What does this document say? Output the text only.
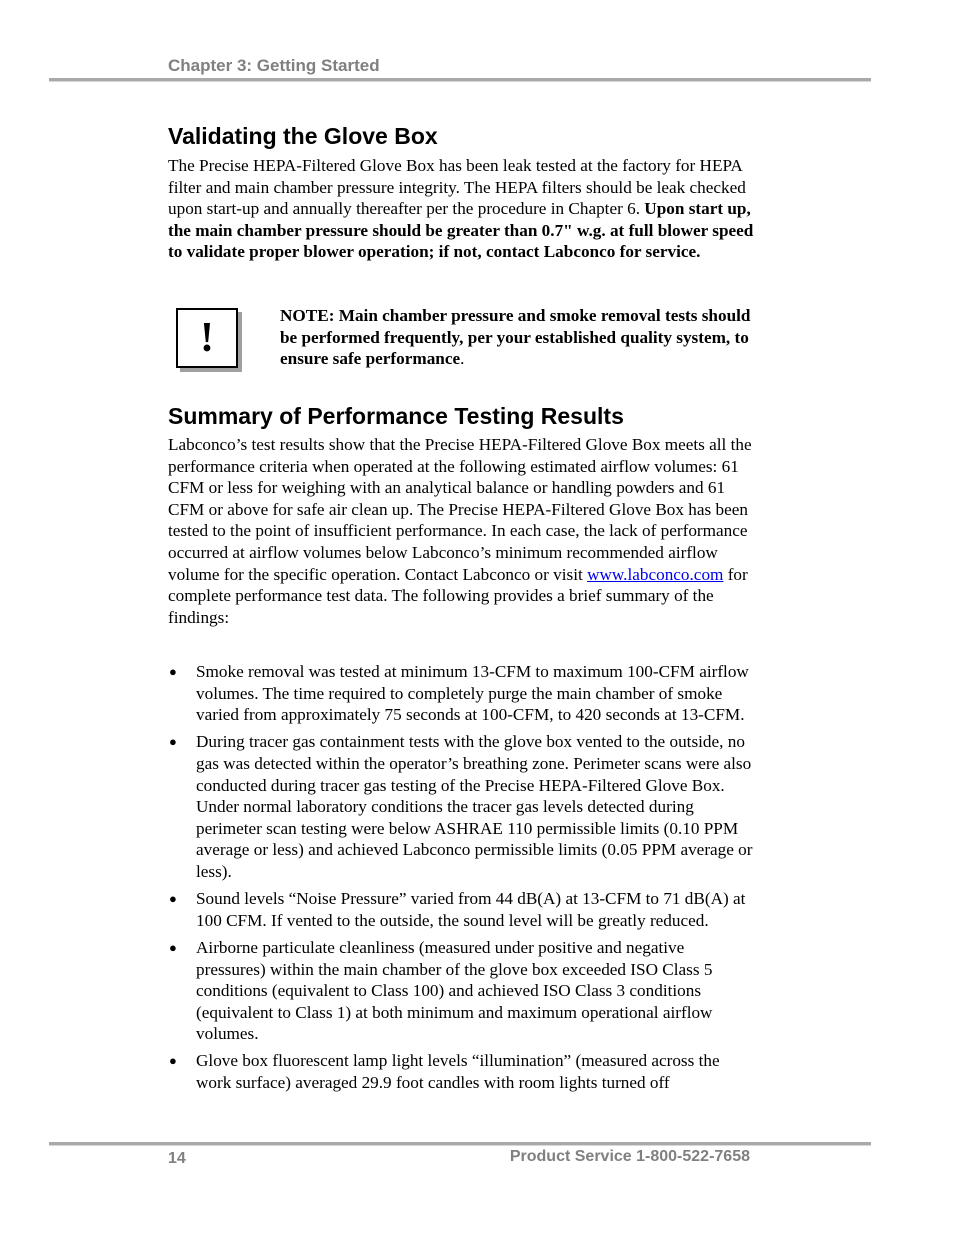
Chapter 3: Getting Started
Validating the Glove Box

The Precise HEPA-Filtered Glove Box has been leak tested at the factory for HEPA filter and main chamber pressure integrity. The HEPA filters should be leak checked upon start-up and annually thereafter per the procedure in Chapter 6. Upon start up, the main chamber pressure should be greater than 0.7" w.g. at full blower speed to validate proper blower operation; if not, contact Labconco for service.

!	NOTE: Main chamber pressure and smoke removal tests should be performed frequently, per your established quality system, to ensure safe performance.

Summary of Performance Testing Results

Labconco’s test results show that the Precise HEPA-Filtered Glove Box meets all the performance criteria when operated at the following estimated airflow volumes: 61 CFM or less for weighing with an analytical balance or handling powders and 61 CFM or above for safe air clean up. The Precise HEPA-Filtered Glove Box has been tested to the point of insufficient performance. In each case, the lack of performance occurred at airflow volumes below Labconco’s minimum recommended airflow volume for the specific operation. Contact Labconco or visit www.labconco.com for complete performance test data. The following provides a brief summary of the findings:

● Smoke removal was tested at minimum 13-CFM to maximum 100-CFM airflow volumes. The time required to completely purge the main chamber of smoke varied from approximately 75 seconds at 100-CFM, to 420 seconds at 13-CFM.
● During tracer gas containment tests with the glove box vented to the outside, no gas was detected within the operator’s breathing zone. Perimeter scans were also conducted during tracer gas testing of the Precise HEPA-Filtered Glove Box. Under normal laboratory conditions the tracer gas levels detected during perimeter scan testing were below ASHRAE 110 permissible limits (0.10 PPM average or less) and achieved Labconco permissible limits (0.05 PPM average or less).
● Sound levels “Noise Pressure” varied from 44 dB(A) at 13-CFM to 71 dB(A) at 100 CFM. If vented to the outside, the sound level will be greatly reduced.
● Airborne particulate cleanliness (measured under positive and negative pressures) within the main chamber of the glove box exceeded ISO Class 5 conditions (equivalent to Class 100) and achieved ISO Class 3 conditions (equivalent to Class 1) at both minimum and maximum operational airflow volumes.
● Glove box fluorescent lamp light levels “illumination” (measured across the work surface) averaged 29.9 foot candles with room lights turned off
14	Product Service 1-800-522-7658
